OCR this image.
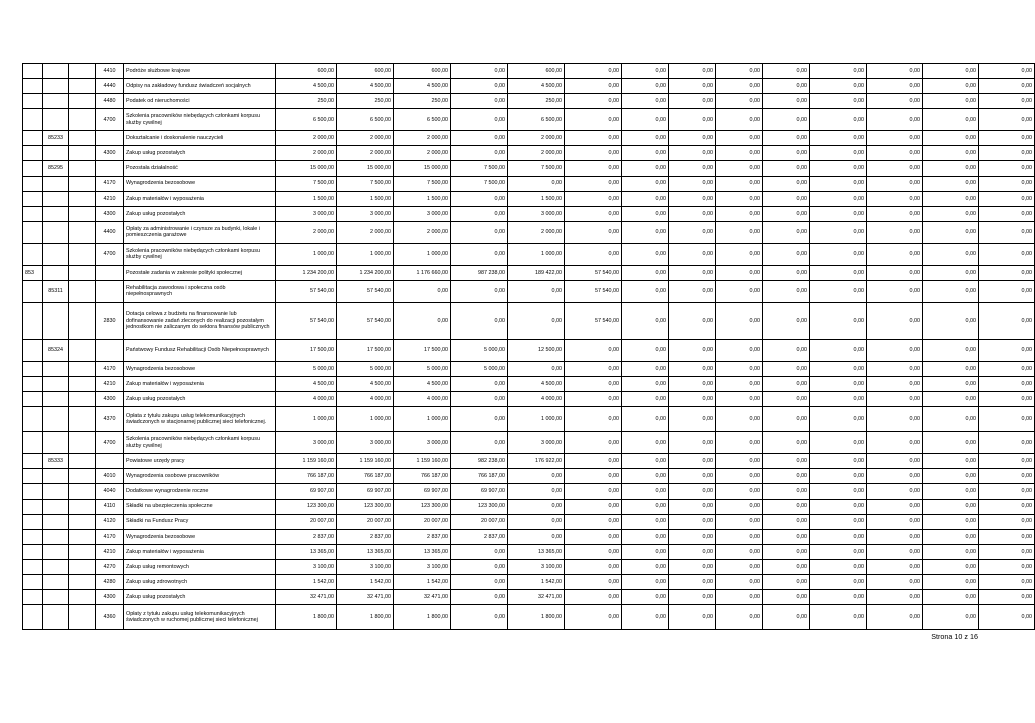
			4410	Podróże służbowe krajowe	600,00	600,00	600,00	0,00	600,00	0,00	0,00	0,00	0,00	0,00	0,00	0,00	0,00	0,00
			4440	Odpisy na zakładowy fundusz świadczeń socjalnych	4 500,00	4 500,00	4 500,00	0,00	4 500,00	0,00	0,00	0,00	0,00	0,00	0,00	0,00	0,00	0,00
			4480	Podatek od nieruchomości	250,00	250,00	250,00	0,00	250,00	0,00	0,00	0,00	0,00	0,00	0,00	0,00	0,00	0,00
			4700	Szkolenia pracowników niebędących członkami korpusu służby cywilnej	6 500,00	6 500,00	6 500,00	0,00	6 500,00	0,00	0,00	0,00	0,00	0,00	0,00	0,00	0,00	0,00
	85233			Dokształcanie i doskonalenie nauczycieli	2 000,00	2 000,00	2 000,00	0,00	2 000,00	0,00	0,00	0,00	0,00	0,00	0,00	0,00	0,00	0,00
			4300	Zakup usług pozostałych	2 000,00	2 000,00	2 000,00	0,00	2 000,00	0,00	0,00	0,00	0,00	0,00	0,00	0,00	0,00	0,00
	85295			Pozostała działalność	15 000,00	15 000,00	15 000,00	7 500,00	7 500,00	0,00	0,00	0,00	0,00	0,00	0,00	0,00	0,00	0,00
			4170	Wynagrodzenia bezosobowe	7 500,00	7 500,00	7 500,00	7 500,00	0,00	0,00	0,00	0,00	0,00	0,00	0,00	0,00	0,00	0,00
			4210	Zakup materiałów i wyposażenia	1 500,00	1 500,00	1 500,00	0,00	1 500,00	0,00	0,00	0,00	0,00	0,00	0,00	0,00	0,00	0,00
			4300	Zakup usług pozostałych	3 000,00	3 000,00	3 000,00	0,00	3 000,00	0,00	0,00	0,00	0,00	0,00	0,00	0,00	0,00	0,00
			4400	Opłaty za administrowanie i czynsze za budynki, lokale i pomieszczenia garażowe	2 000,00	2 000,00	2 000,00	0,00	2 000,00	0,00	0,00	0,00	0,00	0,00	0,00	0,00	0,00	0,00
			4700	Szkolenia pracowników niebędących członkami korpusu służby cywilnej	1 000,00	1 000,00	1 000,00	0,00	1 000,00	0,00	0,00	0,00	0,00	0,00	0,00	0,00	0,00	0,00
853				Pozostałe zadania w zakresie polityki społecznej	1 234 200,00	1 234 200,00	1 176 660,00	987 238,00	189 422,00	57 540,00	0,00	0,00	0,00	0,00	0,00	0,00	0,00	0,00
	85311			Rehabilitacja zawodowa i społeczna osób niepełnosprawnych	57 540,00	57 540,00	0,00	0,00	0,00	57 540,00	0,00	0,00	0,00	0,00	0,00	0,00	0,00	0,00
			2830	Dotacja celowa z budżetu na finansowanie lub dofinansowanie zadań zleconych do realizacji pozostałym jednostkom nie zaliczanym do sektora finansów publicznych	57 540,00	57 540,00	0,00	0,00	0,00	57 540,00	0,00	0,00	0,00	0,00	0,00	0,00	0,00	0,00
	85324			Państwowy Fundusz Rehabilitacji Osób Niepełnosprawnych	17 500,00	17 500,00	17 500,00	5 000,00	12 500,00	0,00	0,00	0,00	0,00	0,00	0,00	0,00	0,00	0,00
			4170	Wynagrodzenia bezosobowe	5 000,00	5 000,00	5 000,00	5 000,00	0,00	0,00	0,00	0,00	0,00	0,00	0,00	0,00	0,00	0,00
			4210	Zakup materiałów i wyposażenia	4 500,00	4 500,00	4 500,00	0,00	4 500,00	0,00	0,00	0,00	0,00	0,00	0,00	0,00	0,00	0,00
			4300	Zakup usług pozostałych	4 000,00	4 000,00	4 000,00	0,00	4 000,00	0,00	0,00	0,00	0,00	0,00	0,00	0,00	0,00	0,00
			4370	Opłata z tytułu zakupu usług telekomunikacyjnych świadczonych w stacjonarnej publicznej sieci telefonicznej.	1 000,00	1 000,00	1 000,00	0,00	1 000,00	0,00	0,00	0,00	0,00	0,00	0,00	0,00	0,00	0,00
			4700	Szkolenia pracowników niebędących członkami korpusu służby cywilnej	3 000,00	3 000,00	3 000,00	0,00	3 000,00	0,00	0,00	0,00	0,00	0,00	0,00	0,00	0,00	0,00
	85333			Powiatowe urzędy pracy	1 159 160,00	1 159 160,00	1 159 160,00	982 238,00	176 922,00	0,00	0,00	0,00	0,00	0,00	0,00	0,00	0,00	0,00
			4010	Wynagrodzenia osobowe pracowników	766 187,00	766 187,00	766 187,00	766 187,00	0,00	0,00	0,00	0,00	0,00	0,00	0,00	0,00	0,00	0,00
			4040	Dodatkowe wynagrodzenie roczne	69 907,00	69 907,00	69 907,00	69 907,00	0,00	0,00	0,00	0,00	0,00	0,00	0,00	0,00	0,00	0,00
			4110	Składki na ubezpieczenia społeczne	123 300,00	123 300,00	123 300,00	123 300,00	0,00	0,00	0,00	0,00	0,00	0,00	0,00	0,00	0,00	0,00
			4120	Składki na Fundusz Pracy	20 007,00	20 007,00	20 007,00	20 007,00	0,00	0,00	0,00	0,00	0,00	0,00	0,00	0,00	0,00	0,00
			4170	Wynagrodzenia bezosobowe	2 837,00	2 837,00	2 837,00	2 837,00	0,00	0,00	0,00	0,00	0,00	0,00	0,00	0,00	0,00	0,00
			4210	Zakup materiałów i wyposażenia	13 365,00	13 365,00	13 365,00	0,00	13 365,00	0,00	0,00	0,00	0,00	0,00	0,00	0,00	0,00	0,00
			4270	Zakup usług remontowych	3 100,00	3 100,00	3 100,00	0,00	3 100,00	0,00	0,00	0,00	0,00	0,00	0,00	0,00	0,00	0,00
			4280	Zakup usług zdrowotnych	1 542,00	1 542,00	1 542,00	0,00	1 542,00	0,00	0,00	0,00	0,00	0,00	0,00	0,00	0,00	0,00
			4300	Zakup usług pozostałych	32 471,00	32 471,00	32 471,00	0,00	32 471,00	0,00	0,00	0,00	0,00	0,00	0,00	0,00	0,00	0,00
			4360	Opłaty z tytułu zakupu usług telekomunikacyjnych świadczonych w ruchomej publicznej sieci telefonicznej	1 800,00	1 800,00	1 800,00	0,00	1 800,00	0,00	0,00	0,00	0,00	0,00	0,00	0,00	0,00	0,00
Strona 10 z 16
